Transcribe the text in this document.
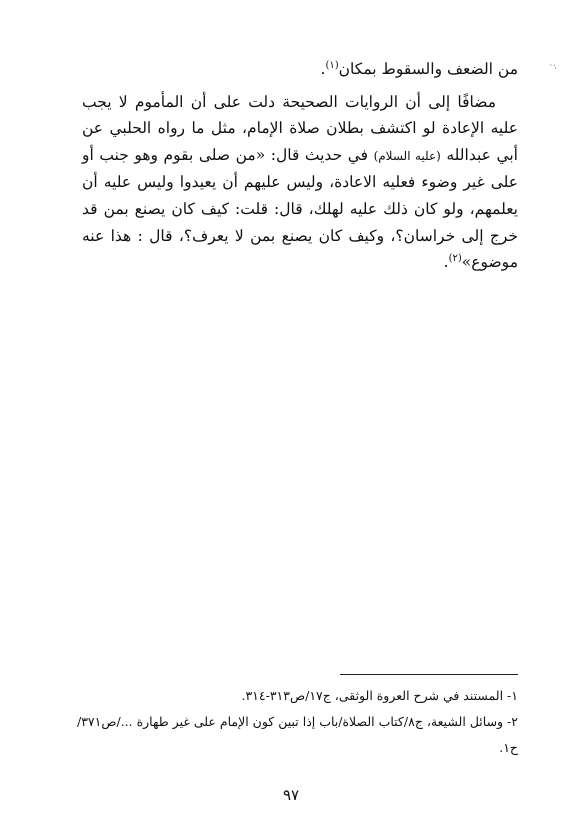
ˎ.ˏ

من الضعف والسقوط بمكان$^{(١)}$.

مضافًا إلى أن الروايات الصحيحة دلت على أن المأموم لا يجب عليه الإعادة لو اكتشف بطلان صلاة الإمام، مثل ما رواه الحلبي عن أبي عبدالله (عليه السلام) في حديث قال: «من صلى بقوم وهو جنب أو على غير وضوء فعليه الاعادة، وليس عليهم أن يعيدوا وليس عليه أن يعلمهم، ولو كان ذلك عليه لهلك، قال: قلت: كيف كان يصنع بمن قد خرج إلى خراسان؟، وكيف كان يصنع بمن لا يعرف؟، قال : هذا عنه موضوع»$^{(٢)}$.

١- المستند في شرح العروة الوثقى، ج١٧/ص٣١٣-٣١٤.

٢- وسائل الشيعة، ج٨/كتاب الصلاة/باب إذا تبين كون الإمام على غير طهارة .../ص٣٧١/ ح١.

٩٧
